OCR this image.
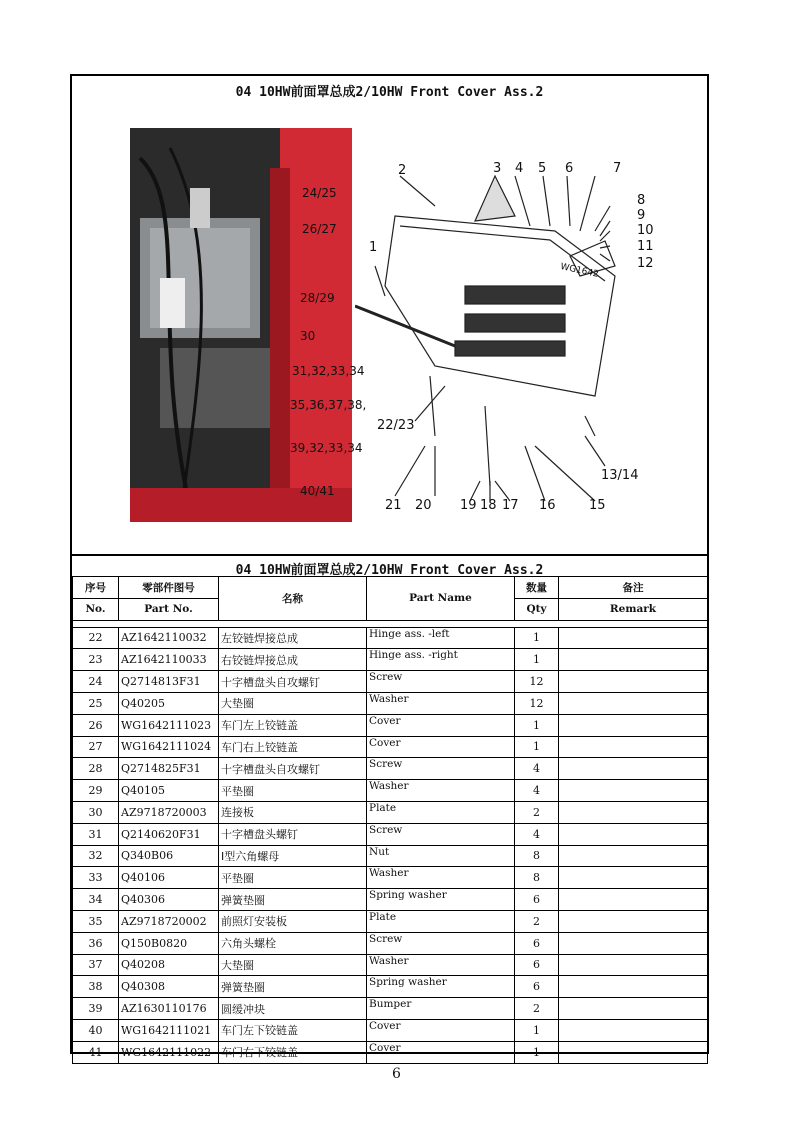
04 10HW前面罩总成2/10HW Front Cover Ass.2
24/25
26/27
28/29
30
31,32,33,34
35,36,37,38,
39,32,33,34
40/41
2	3 4 5 6	7
8
9
10
11
12
1
22/23
13/14
21 20 19 18 17 16	15
WG1642
04 10HW前面罩总成2/10HW Front Cover Ass.2
序号	零部件图号	名称	Part Name	数量	备注
No.	Part No.			Qty	Remark

22	AZ1642110032	左铰链焊接总成	Hinge ass. -left	1	
23	AZ1642110033	右铰链焊接总成	Hinge ass. -right	1	
24	Q2714813F31	十字槽盘头自攻螺钉	Screw	12	
25	Q40205	大垫圈	Washer	12	
26	WG1642111023	车门左上铰链盖	Cover	1	
27	WG1642111024	车门右上铰链盖	Cover	1	
28	Q2714825F31	十字槽盘头自攻螺钉	Screw	4	
29	Q40105	平垫圈	Washer	4	
30	AZ9718720003	连接板	Plate	2	
31	Q2140620F31	十字槽盘头螺钉	Screw	4	
32	Q340B06	I型六角螺母	Nut	8	
33	Q40106	平垫圈	Washer	8	
34	Q40306	弹簧垫圈	Spring washer	6	
35	AZ9718720002	前照灯安装板	Plate	2	
36	Q150B0820	六角头螺栓	Screw	6	
37	Q40208	大垫圈	Washer	6	
38	Q40308	弹簧垫圈	Spring washer	6	
39	AZ1630110176	圆缓冲块	Bumper	2	
40	WG1642111021	车门左下铰链盖	Cover	1	
41	WG1642111022	车门右下铰链盖	Cover	1	
6
